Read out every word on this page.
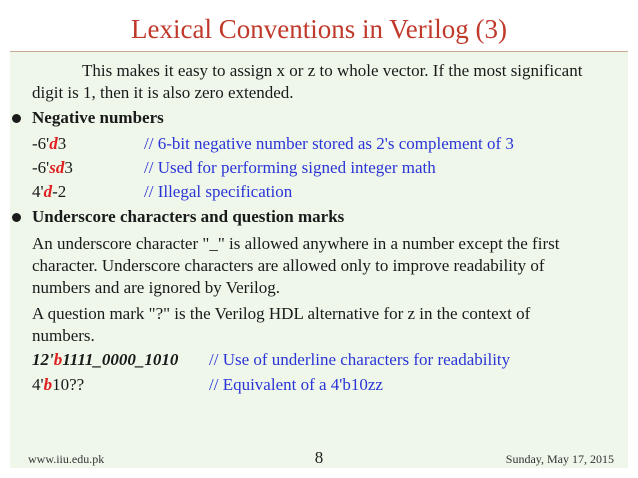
Lexical Conventions in Verilog (3)
This makes it easy to assign x or z to whole vector. If the most significant
digit is 1, then it is also zero extended.
Negative numbers
-6'd3	// 6-bit negative number stored as 2's complement of 3
-6'sd3	// Used for performing signed integer math
4'd-2	// Illegal specification
Underscore characters and question marks
An underscore character "_" is allowed anywhere in a number except the first
character. Underscore characters are allowed only to improve readability of
numbers and are ignored by Verilog.
A question mark "?" is the Verilog HDL alternative for z in the context of
numbers.
12'b1111_0000_1010 // Use of underline characters for readability
4'b10??	// Equivalent of a 4'b10zz
www.iiu.edu.pk	8	Sunday, May 17, 2015
